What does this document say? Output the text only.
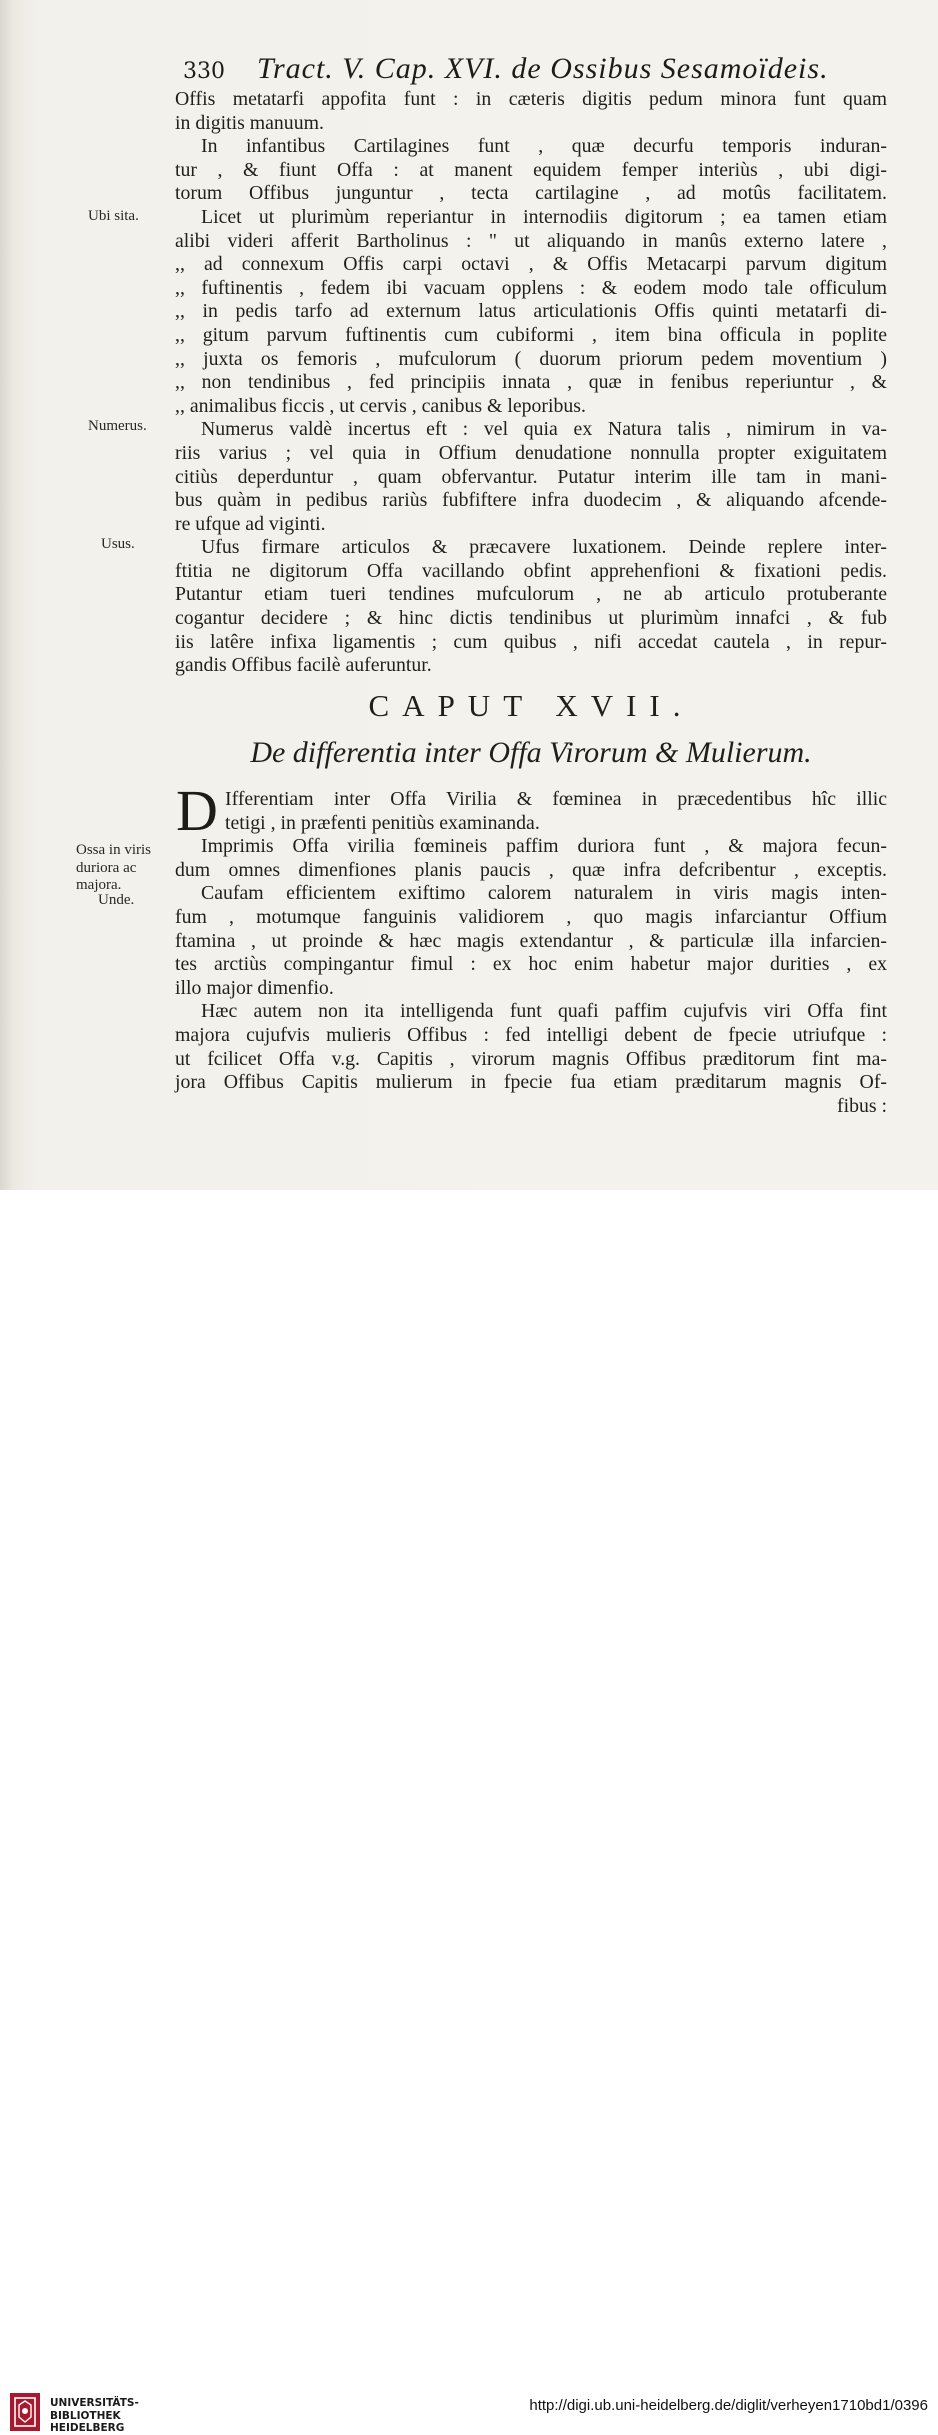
330 Tract. V. Cap. XVI. de Ossibus Sesamoïdeis.
Ubi sita.
Numerus.
Usus.
Ossa in viris
duriora ac
majora.
Unde.
Offis metatarfi appofita funt : in cæteris digitis pedum minora funt quam
in digitis manuum.
In infantibus Cartilagines funt , quæ decurfu temporis induran-
tur , & fiunt Offa : at manent equidem femper interiùs , ubi digi-
torum Offibus junguntur , tecta cartilagine , ad motûs facilitatem.
Licet ut plurimùm reperiantur in internodiis digitorum ; ea tamen etiam
alibi videri afferit Bartholinus : " ut aliquando in manûs externo latere ,
,, ad connexum Offis carpi octavi , & Offis Metacarpi parvum digitum
,, fuftinentis , fedem ibi vacuam opplens : & eodem modo tale officulum
,, in pedis tarfo ad externum latus articulationis Offis quinti metatarfi di-
,, gitum parvum fuftinentis cum cubiformi , item bina officula in poplite
,, juxta os femoris , mufculorum ( duorum priorum pedem moventium )
,, non tendinibus , fed principiis innata , quæ in fenibus reperiuntur , &
,, animalibus ficcis , ut cervis , canibus & leporibus.
Numerus valdè incertus eft : vel quia ex Natura talis , nimirum in va-
riis varius ; vel quia in Offium denudatione nonnulla propter exiguitatem
citiùs deperduntur , quam obfervantur. Putatur interim ille tam in mani-
bus quàm in pedibus rariùs fubfiftere infra duodecim , & aliquando afcende-
re ufque ad viginti.
Ufus firmare articulos & præcavere luxationem. Deinde replere inter-
ftitia ne digitorum Offa vacillando obfint apprehenfioni & fixationi pedis.
Putantur etiam tueri tendines mufculorum , ne ab articulo protuberante
cogantur decidere ; & hinc dictis tendinibus ut plurimùm innafci , & fub
iis latêre infixa ligamentis ; cum quibus , nifi accedat cautela , in repur-
gandis Offibus facilè auferuntur.
CAPUT XVII.
De differentia inter Offa Virorum & Mulierum.
D Ifferentiam inter Offa Virilia & fœminea in præcedentibus hîc illic
tetigi , in præfenti penitiùs examinanda.
Imprimis Offa virilia fœmineis paffim duriora funt , & majora fecun-
dum omnes dimenfiones planis paucis , quæ infra defcribentur , exceptis.
Caufam efficientem exiftimo calorem naturalem in viris magis inten-
fum , motumque fanguinis validiorem , quo magis infarciantur Offium
ftamina , ut proinde & hæc magis extendantur , & particulæ illa infarcien-
tes arctiùs compingantur fimul : ex hoc enim habetur major durities , ex
illo major dimenfio.
Hæc autem non ita intelligenda funt quafi paffim cujufvis viri Offa fint
majora cujufvis mulieris Offibus : fed intelligi debent de fpecie utriufque :
ut fcilicet Offa v.g. Capitis , virorum magnis Offibus præditorum fint ma-
jora Offibus Capitis mulierum in fpecie fua etiam præditarum magnis Of-
fibus :
UNIVERSITÄTS-
BIBLIOTHEK
HEIDELBERG
http://digi.ub.uni-heidelberg.de/diglit/verheyen1710bd1/0396
